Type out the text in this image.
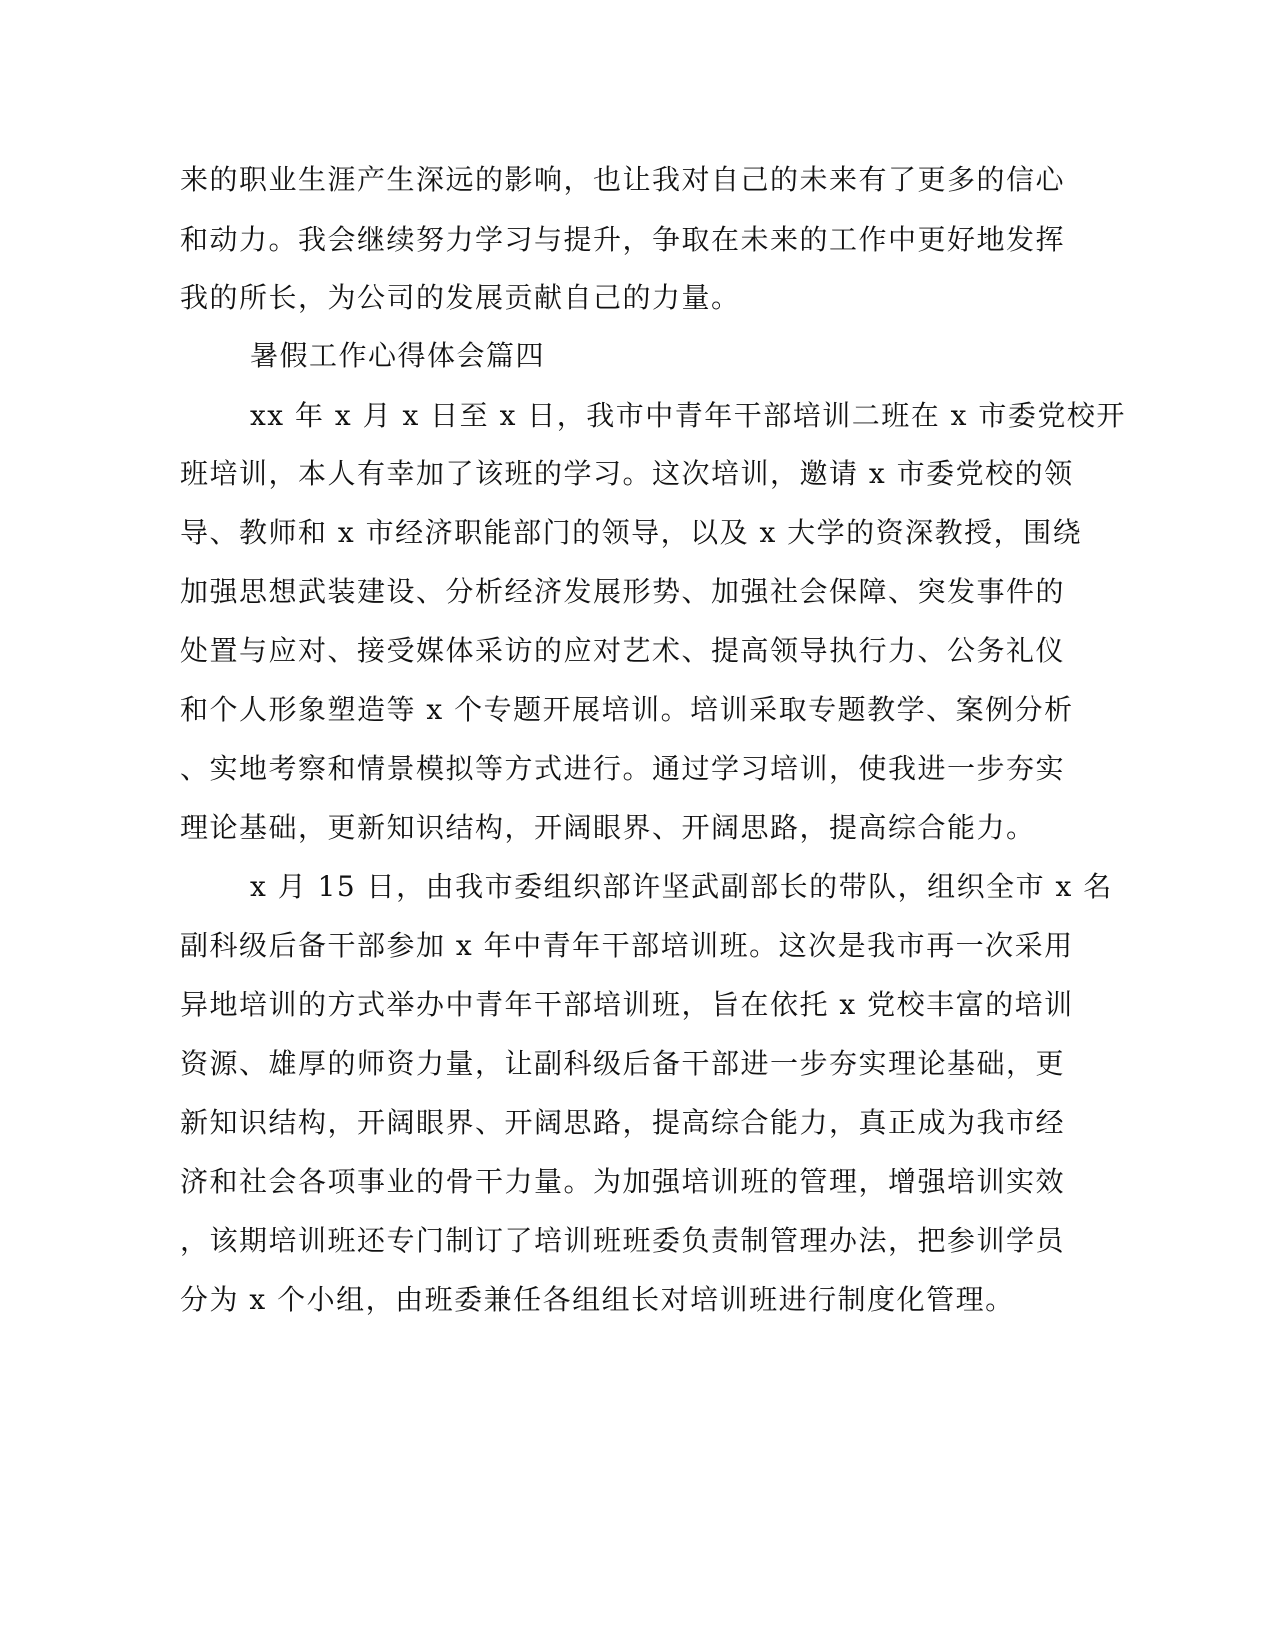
来的职业生涯产生深远的影响，也让我对自己的未来有了更多的信心
和动力。我会继续努力学习与提升，争取在未来的工作中更好地发挥
我的所长，为公司的发展贡献自己的力量。
暑假工作心得体会篇四
xx 年 x 月 x 日至 x 日，我市中青年干部培训二班在 x 市委党校开
班培训，本人有幸加了该班的学习。这次培训，邀请 x 市委党校的领
导、教师和 x 市经济职能部门的领导，以及 x 大学的资深教授，围绕
加强思想武装建设、分析经济发展形势、加强社会保障、突发事件的
处置与应对、接受媒体采访的应对艺术、提高领导执行力、公务礼仪
和个人形象塑造等 x 个专题开展培训。培训采取专题教学、案例分析
、实地考察和情景模拟等方式进行。通过学习培训，使我进一步夯实
理论基础，更新知识结构，开阔眼界、开阔思路，提高综合能力。
x 月 15 日，由我市委组织部许坚武副部长的带队，组织全市 x 名
副科级后备干部参加 x 年中青年干部培训班。这次是我市再一次采用
异地培训的方式举办中青年干部培训班，旨在依托 x 党校丰富的培训
资源、雄厚的师资力量，让副科级后备干部进一步夯实理论基础，更
新知识结构，开阔眼界、开阔思路，提高综合能力，真正成为我市经
济和社会各项事业的骨干力量。为加强培训班的管理，增强培训实效
，该期培训班还专门制订了培训班班委负责制管理办法，把参训学员
分为 x 个小组，由班委兼任各组组长对培训班进行制度化管理。
